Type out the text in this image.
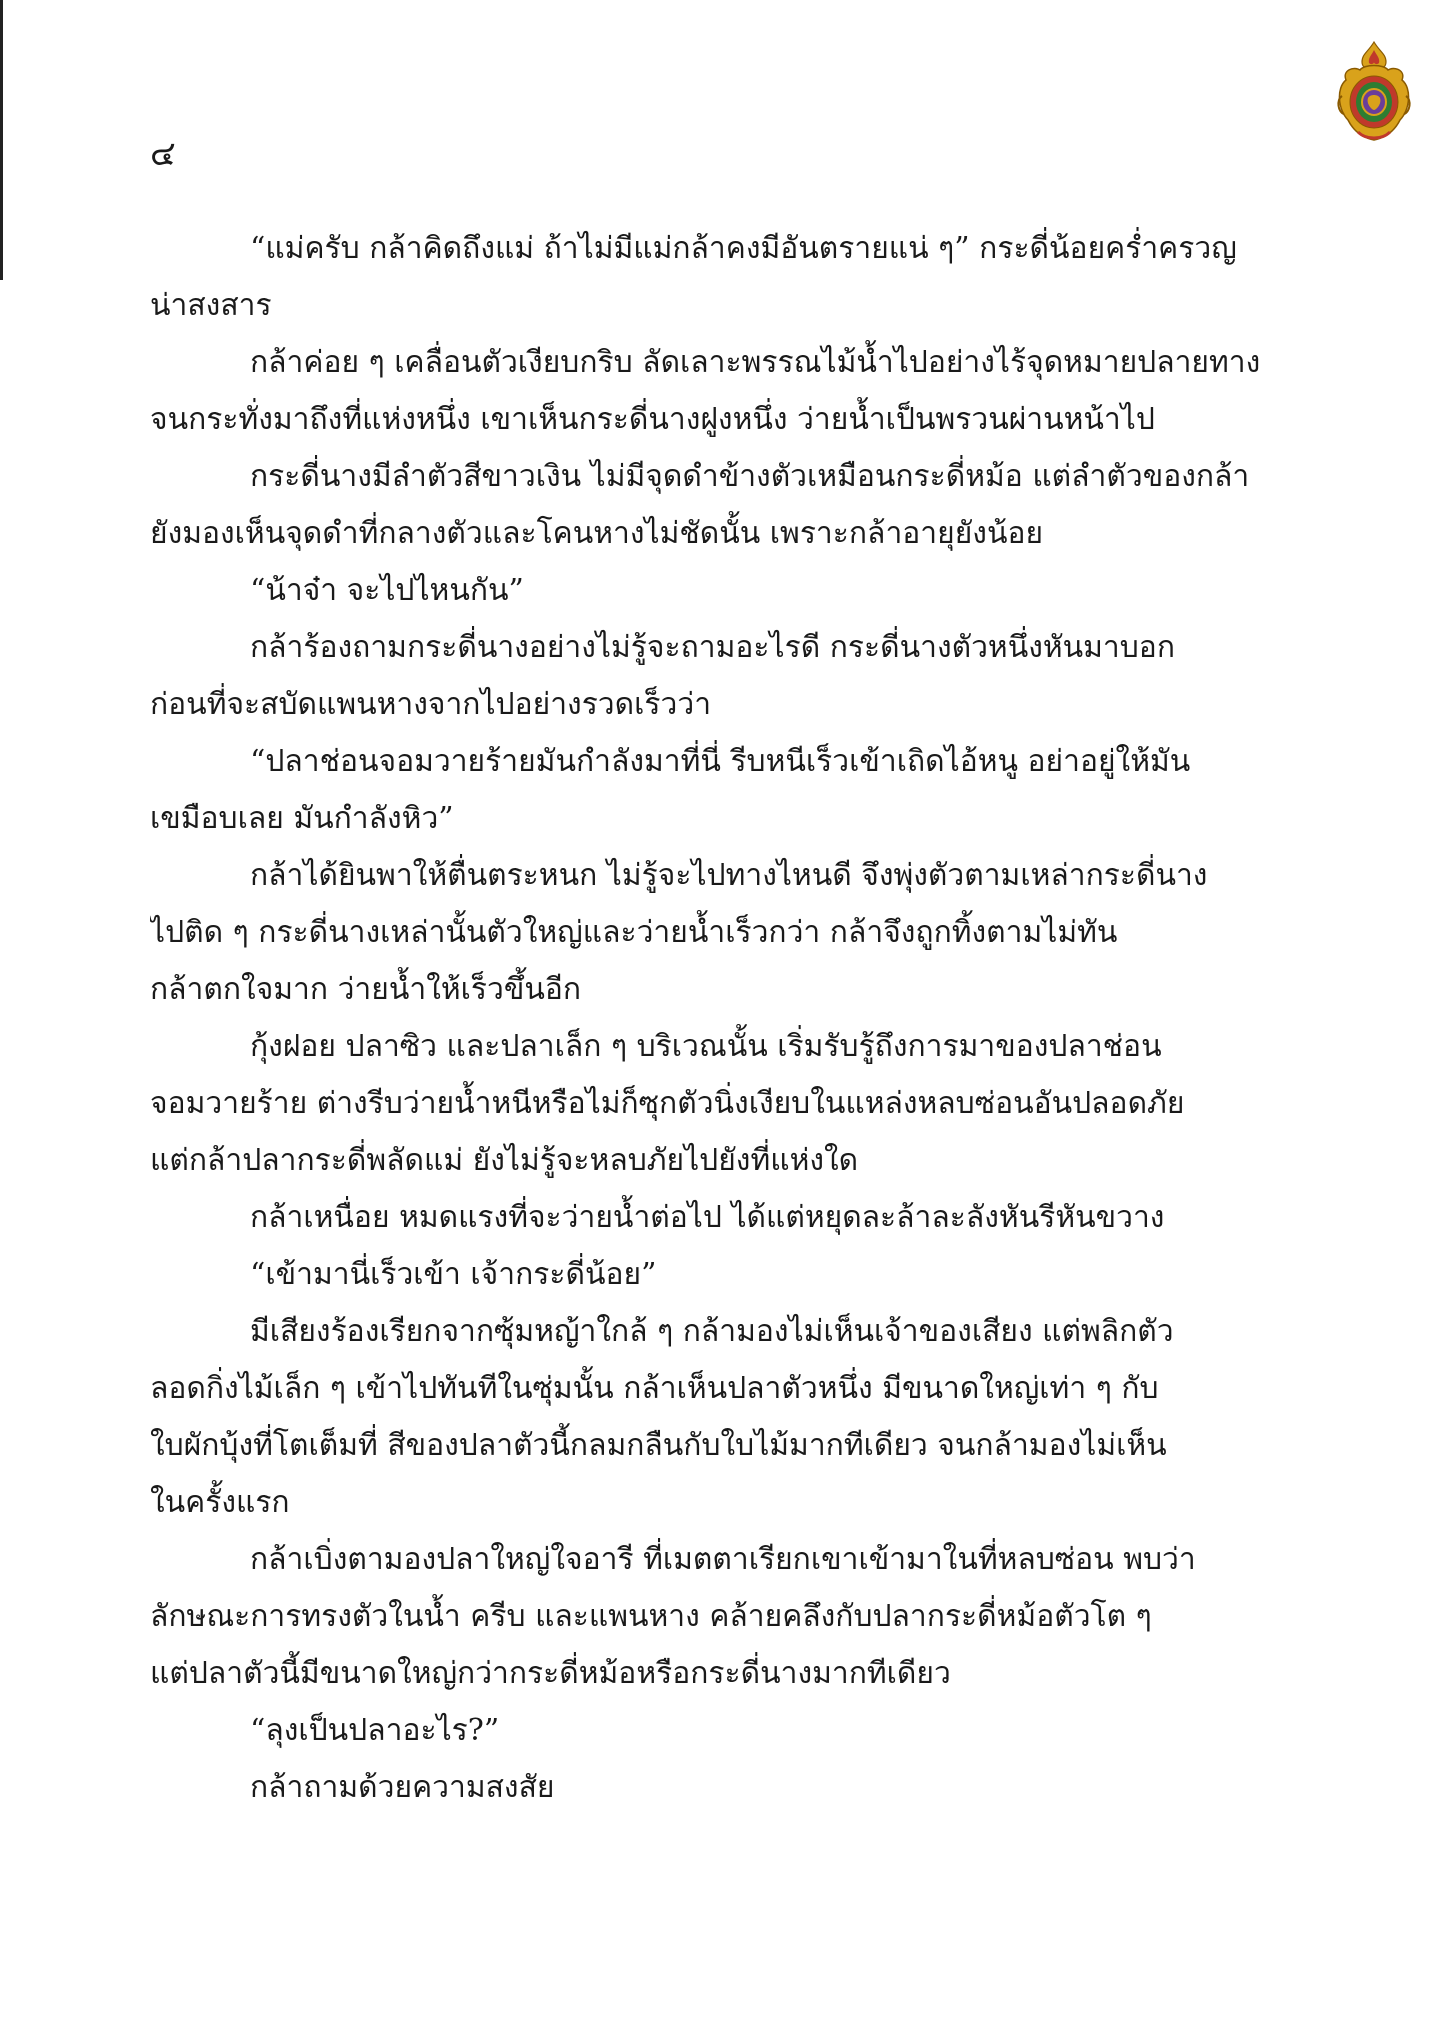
๔
“แม่ครับ กล้าคิดถึงแม่ ถ้าไม่มีแม่กล้าคงมีอันตรายแน่ ๆ” กระดี่น้อยคร่ำครวญ
น่าสงสาร
กล้าค่อย ๆ เคลื่อนตัวเงียบกริบ ลัดเลาะพรรณไม้น้ำไปอย่างไร้จุดหมายปลายทาง
จนกระทั่งมาถึงที่แห่งหนึ่ง เขาเห็นกระดี่นางฝูงหนึ่ง ว่ายน้ำเป็นพรวนผ่านหน้าไป
กระดี่นางมีลำตัวสีขาวเงิน ไม่มีจุดดำข้างตัวเหมือนกระดี่หม้อ แต่ลำตัวของกล้า
ยังมองเห็นจุดดำที่กลางตัวและโคนหางไม่ชัดนั้น เพราะกล้าอายุยังน้อย
“น้าจ๋า จะไปไหนกัน”
กล้าร้องถามกระดี่นางอย่างไม่รู้จะถามอะไรดี กระดี่นางตัวหนึ่งหันมาบอก
ก่อนที่จะสบัดแพนหางจากไปอย่างรวดเร็วว่า
“ปลาช่อนจอมวายร้ายมันกำลังมาที่นี่ รีบหนีเร็วเข้าเถิดไอ้หนู อย่าอยู่ให้มัน
เขมือบเลย มันกำลังหิว”
กล้าได้ยินพาให้ตื่นตระหนก ไม่รู้จะไปทางไหนดี จึงพุ่งตัวตามเหล่ากระดี่นาง
ไปติด ๆ กระดี่นางเหล่านั้นตัวใหญ่และว่ายน้ำเร็วกว่า กล้าจึงถูกทิ้งตามไม่ทัน
กล้าตกใจมาก ว่ายน้ำให้เร็วขึ้นอีก
กุ้งฝอย ปลาซิว และปลาเล็ก ๆ บริเวณนั้น เริ่มรับรู้ถึงการมาของปลาช่อน
จอมวายร้าย ต่างรีบว่ายน้ำหนีหรือไม่ก็ซุกตัวนิ่งเงียบในแหล่งหลบซ่อนอันปลอดภัย
แต่กล้าปลากระดี่พลัดแม่ ยังไม่รู้จะหลบภัยไปยังที่แห่งใด
กล้าเหนื่อย หมดแรงที่จะว่ายน้ำต่อไป ได้แต่หยุดละล้าละลังหันรีหันขวาง
“เข้ามานี่เร็วเข้า เจ้ากระดี่น้อย”
มีเสียงร้องเรียกจากซุ้มหญ้าใกล้ ๆ กล้ามองไม่เห็นเจ้าของเสียง แต่พลิกตัว
ลอดกิ่งไม้เล็ก ๆ เข้าไปทันทีในซุ่มนั้น กล้าเห็นปลาตัวหนึ่ง มีขนาดใหญ่เท่า ๆ กับ
ใบผักบุ้งที่โตเต็มที่ สีของปลาตัวนี้กลมกลืนกับใบไม้มากทีเดียว จนกล้ามองไม่เห็น
ในครั้งแรก
กล้าเบิ่งตามองปลาใหญ่ใจอารี ที่เมตตาเรียกเขาเข้ามาในที่หลบซ่อน พบว่า
ลักษณะการทรงตัวในน้ำ ครีบ และแพนหาง คล้ายคลึงกับปลากระดี่หม้อตัวโต ๆ
แต่ปลาตัวนี้มีขนาดใหญ่กว่ากระดี่หม้อหรือกระดี่นางมากทีเดียว
“ลุงเป็นปลาอะไร?”
กล้าถามด้วยความสงสัย
